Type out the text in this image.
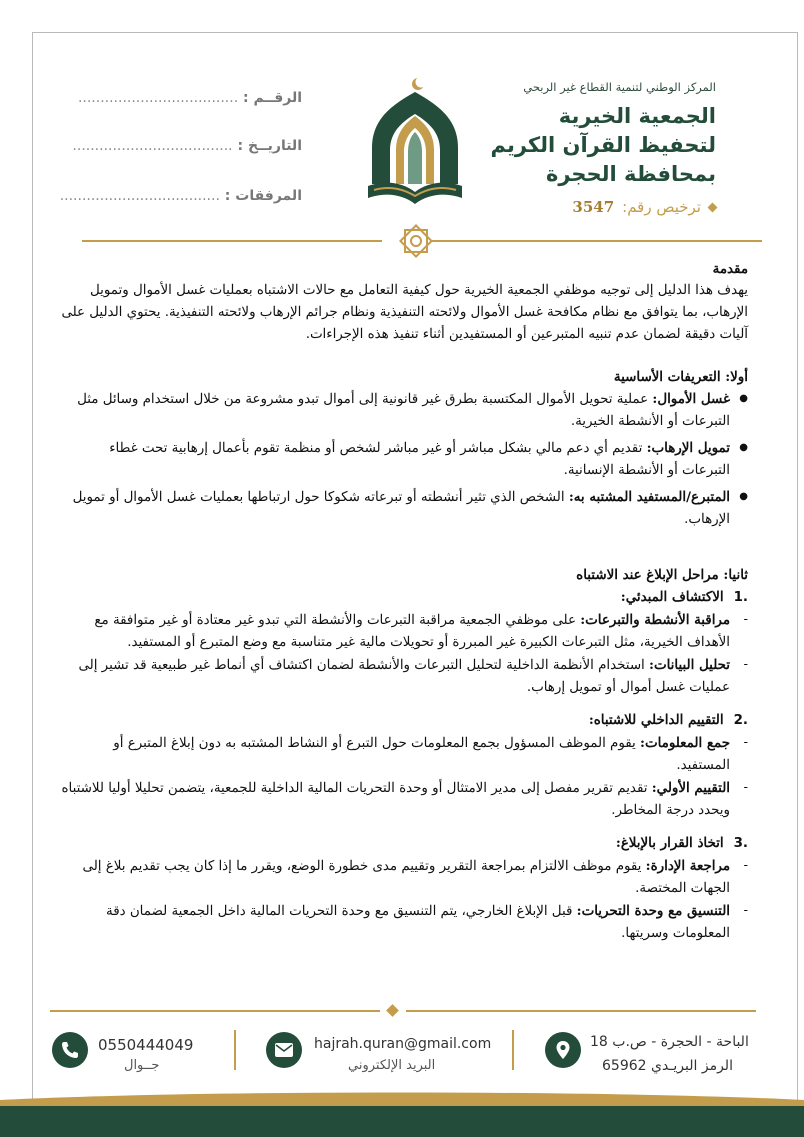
المركز الوطني لتنمية القطاع غير الربحي
الجمعية الخيرية
لتحفيظ القرآن الكريم
بمحافظة الحجرة
ترخيص رقم:3547
الرقــم : ....................................
التاريــخ : ....................................
المرفقات : ....................................
مقدمة
يهدف هذا الدليل إلى توجيه موظفي الجمعية الخيرية حول كيفية التعامل مع حالات الاشتباه بعمليات غسل الأموال وتمويل الإرهاب، بما يتوافق مع نظام مكافحة غسل الأموال ولائحته التنفيذية ونظام جرائم الإرهاب ولائحته التنفيذية. يحتوي الدليل على آليات دقيقة لضمان عدم تنبيه المتبرعين أو المستفيدين أثناء تنفيذ هذه الإجراءات.
أولا: التعريفات الأساسية
● غسل الأموال: عملية تحويل الأموال المكتسبة بطرق غير قانونية إلى أموال تبدو مشروعة من خلال استخدام وسائل مثل التبرعات أو الأنشطة الخيرية.
● تمويل الإرهاب: تقديم أي دعم مالي بشكل مباشر أو غير مباشر لشخص أو منظمة تقوم بأعمال إرهابية تحت غطاء التبرعات أو الأنشطة الإنسانية.
● المتبرع/المستفيد المشتبه به: الشخص الذي تثير أنشطته أو تبرعاته شكوكا حول ارتباطها بعمليات غسل الأموال أو تمويل الإرهاب.
ثانيا: مراحل الإبلاغ عند الاشتباه
.1الاكتشاف المبدئي:
- مراقبة الأنشطة والتبرعات: على موظفي الجمعية مراقبة التبرعات والأنشطة التي تبدو غير معتادة أو غير متوافقة مع الأهداف الخيرية، مثل التبرعات الكبيرة غير المبررة أو تحويلات مالية غير متناسبة مع وضع المتبرع أو المستفيد.
- تحليل البيانات: استخدام الأنظمة الداخلية لتحليل التبرعات والأنشطة لضمان اكتشاف أي أنماط غير طبيعية قد تشير إلى عمليات غسل أموال أو تمويل إرهاب.
.2التقييم الداخلي للاشتباه:
- جمع المعلومات: يقوم الموظف المسؤول بجمع المعلومات حول التبرع أو النشاط المشتبه به دون إبلاغ المتبرع أو المستفيد.
- التقييم الأولي: تقديم تقرير مفصل إلى مدير الامتثال أو وحدة التحريات المالية الداخلية للجمعية، يتضمن تحليلا أوليا للاشتباه ويحدد درجة المخاطر.
.3اتخاذ القرار بالإبلاغ:
- مراجعة الإدارة: يقوم موظف الالتزام بمراجعة التقرير وتقييم مدى خطورة الوضع، ويقرر ما إذا كان يجب تقديم بلاغ إلى الجهات المختصة.
- التنسيق مع وحدة التحريات: قبل الإبلاغ الخارجي، يتم التنسيق مع وحدة التحريات المالية داخل الجمعية لضمان دقة المعلومات وسريتها.
0550444049
جــوال
hajrah.quran@gmail.com
البريد الإلكتروني
الباحة - الحجرة - ص.ب 18
الرمز البريـدي 65962
